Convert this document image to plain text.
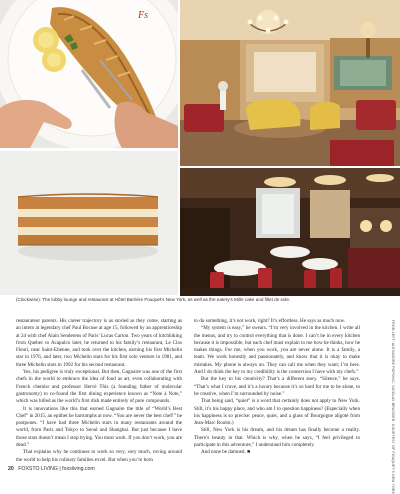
Fs
(Clockwise): The lobby lounge and restaurant at Hôtel Barrière Fouquet’s New York, as well as the eatery’s Mille cake and fillet de sole.

restaurateur parents. His career trajectory is as storied as they come, starting as an intern at legendary chef Paul Bocuse at age 15, followed by an apprenticeship at 24 with chef Alain Senderens of Paris’ Lucas Carton. Two years of hitchhiking from Quebec to Acapulco later, he returned to his family’s restaurant, Le Clos Fleuri, near Saint-Etienne, and took over the kitchen, earning his first Michelin star in 1976, and later, two Michelin stars for his first solo venture in 1981, and three Michelin stars in 1992 for his second restaurant.

Yes, his pedigree is truly exceptional. But then, Gagnaire was one of the first chefs in the world to embrace the idea of food as art, even collaborating with French chemist and professor Hervé This (a founding father of molecular gastronomy) to co-found the first dining experience known as “Note à Note,” which was billed as the world’s first dish made entirely of pure compounds.

It is innovations like this that earned Gagnaire the title of “World’s Best Chef” in 2015, an epithet he harrumphs at now. “You are never the best chef!” he postpones. “I have had three Michelin stars in many restaurants around the world, from Paris and Tokyo to Seoul and Shanghai. But just because I have those stars doesn’t mean I stop trying. You must work. If you don’t work, you are dead.”

That explains why he continues to work so very, very much, roving around the world to help his culinary families excel. But when you’re born

to do something, it’s not work, right? It’s effortless. He says as much now.

“My system is easy,” he swears. “I’m very involved in the kitchen. I write all the menus, and try to control everything that is done. I can’t be in every kitchen because it is impossible, but each chef must explain to me how he thinks, how he makes things. For me, when you work, you are never alone. It is a family, a team. We work honestly and passionately, and know that it is okay to make mistakes. My phone is always on. They can call me when they want; I’m here. And I do think the key to my credibility is the connection I have with my chefs.”

But the key to his creativity? That’s a different story. “Silence,” he says. “That’s what I crave, and it’s a luxury because it’s so hard for me to be alone, to be creative, when I’m surrounded by noise.”

That being said, “quiet” is a word that certainly does not apply to New York. Still, it’s his happy place, and who am I to question happiness? (Especially when his happiness is so precise: peace, quiet, and a glass of Bourgogne aligoté from Jean-Marc Roulot.)

Still, New York is his dream, and his dream has finally become a reality. There’s beauty in that. Which is why, when he says, “I feel privileged to participate in this adventure,” I understand him completely.

And none be damned. ■

20 FOXSTO LIVING | foxsliving.com	FROM LEFT: ALEXANDRE POPOVIC, NICOLAS BRASSIER, COURTESY OF FOUQUET’S NEW YORK
